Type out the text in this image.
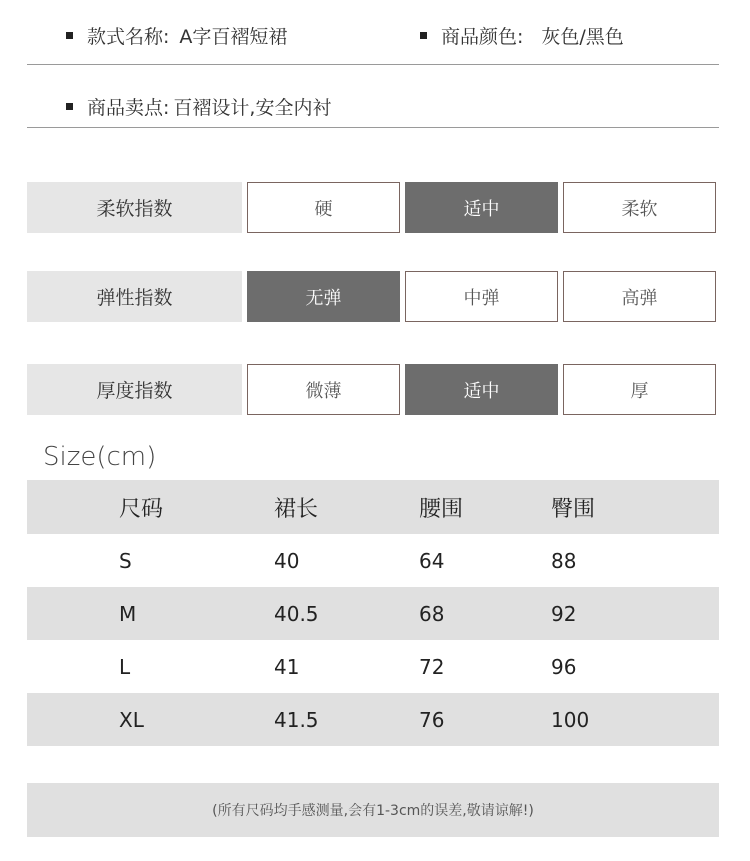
款式名称: A字百褶短裙	商品颜色: 灰色/黑色
商品卖点: 百褶设计,安全内衬
柔软指数	硬	适中	柔软
弹性指数	无弹	中弹	高弹
厚度指数	微薄	适中	厚
Size(cm)
尺码	裙长	腰围	臀围
S	40	64	88
M	40.5	68	92
L	41	72	96
XL	41.5	76	100
(所有尺码均手感测量,会有1-3cm的误差,敬请谅解!)
